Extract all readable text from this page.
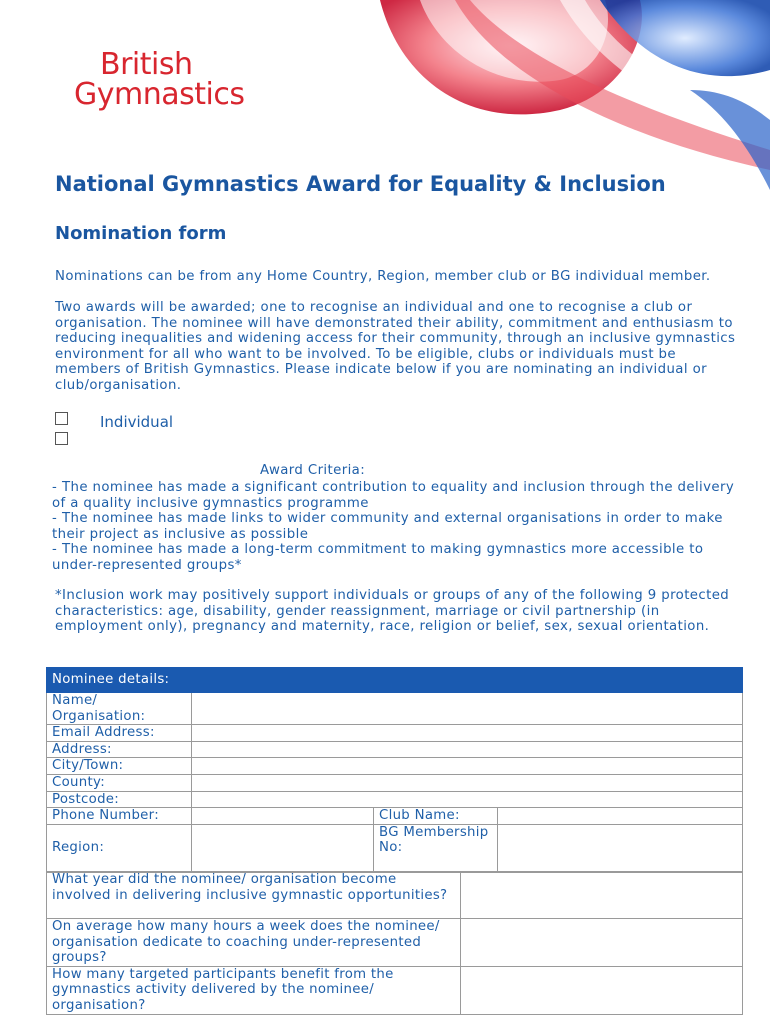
British
Gymnastics
National Gymnastics Award for Equality & Inclusion
Nomination form

Nominations can be from any Home Country, Region, member club or BG individual member.

Two awards will be awarded; one to recognise an individual and one to recognise a club or organisation. The nominee will have demonstrated their ability, commitment and enthusiasm to reducing inequalities and widening access for their community, through an inclusive gymnastics environment for all who want to be involved. To be eligible, clubs or individuals must be members of British Gymnastics. Please indicate below if you are nominating an individual or club/organisation.

Individual
Award Criteria:

- The nominee has made a significant contribution to equality and inclusion through the delivery of a quality inclusive gymnastics programme

- The nominee has made links to wider community and external organisations in order to make their project as inclusive as possible

- The nominee has made a long-term commitment to making gymnastics more accessible to under-represented groups*

*Inclusion work may positively support individuals or groups of any of the following 9 protected characteristics: age, disability, gender reassignment, marriage or civil partnership (in employment only), pregnancy and maternity, race, religion or belief, sex, sexual orientation.

Nominee details:			
Name/ Organisation:			
Email Address:			
Address:			
City/Town:			
County:			
Postcode:			
Phone Number:		Club Name:	
Region:		BG Membership No:	
What year did the nominee/ organisation become involved in delivering inclusive gymnastic opportunities?	
On average how many hours a week does the nominee/ organisation dedicate to coaching under-represented groups?	
How many targeted participants benefit from the gymnastics activity delivered by the nominee/ organisation?	
